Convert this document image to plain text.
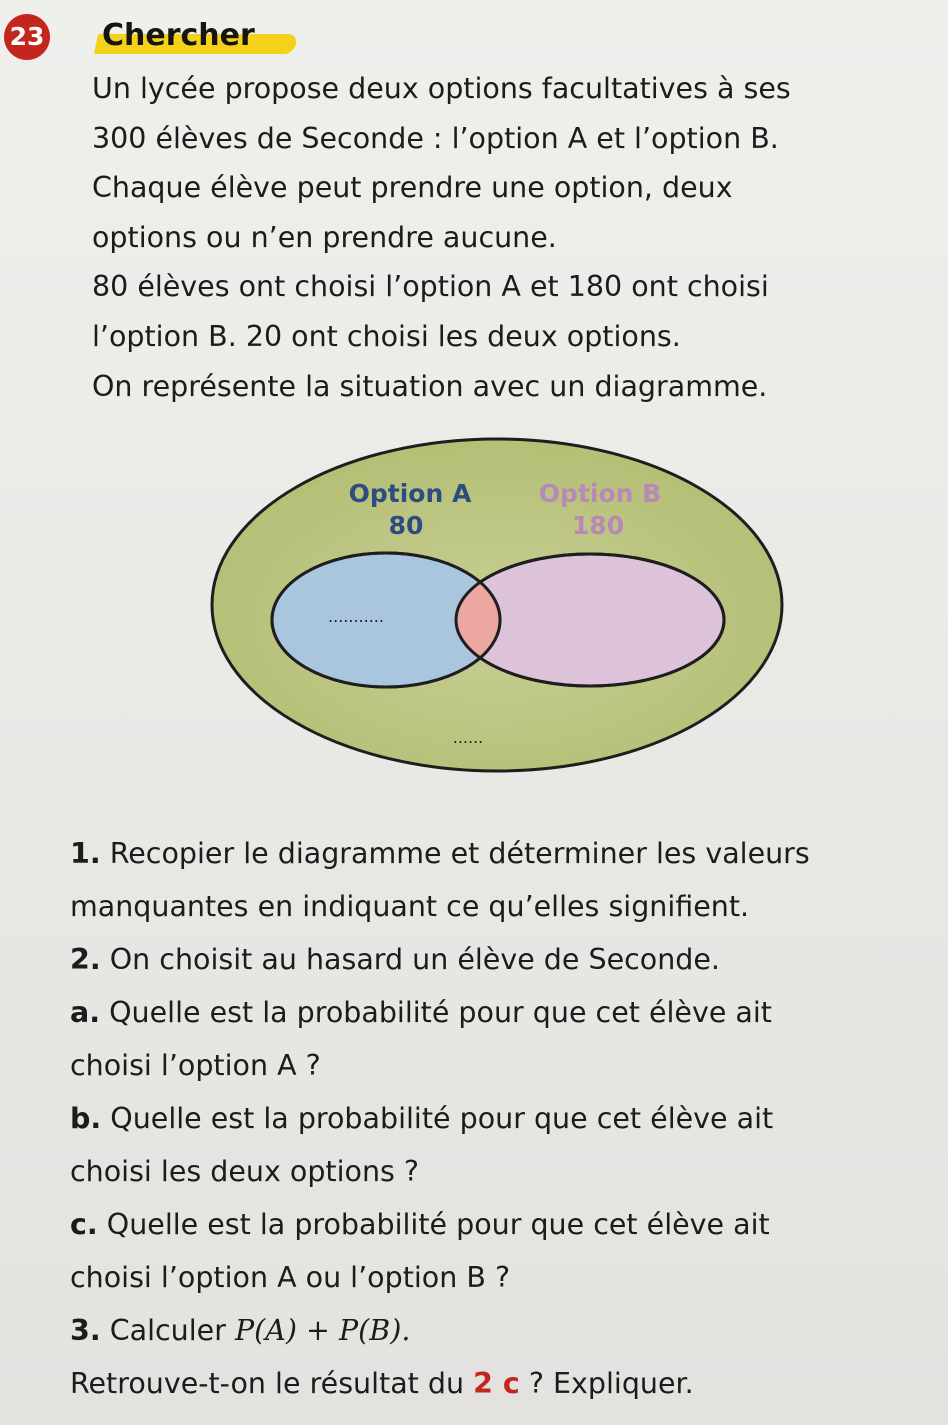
23 Chercher

Un lycée propose deux options facultatives à ses

300 élèves de Seconde : l’option A et l’option B.

Chaque élève peut prendre une option, deux

options ou n’en prendre aucune.

80 élèves ont choisi l’option A et 180 ont choisi

l’option B. 20 ont choisi les deux options.

On représente la situation avec un diagramme.

Option A
80
Option B
180
...........
......

1. Recopier le diagramme et déterminer les valeurs

manquantes en indiquant ce qu’elles signifient.

2. On choisit au hasard un élève de Seconde.

a. Quelle est la probabilité pour que cet élève ait

choisi l’option A ?

b. Quelle est la probabilité pour que cet élève ait

choisi les deux options ?

c. Quelle est la probabilité pour que cet élève ait

choisi l’option A ou l’option B ?

3. Calculer P(A) + P(B).

Retrouve-t-on le résultat du 2 c ? Expliquer.
